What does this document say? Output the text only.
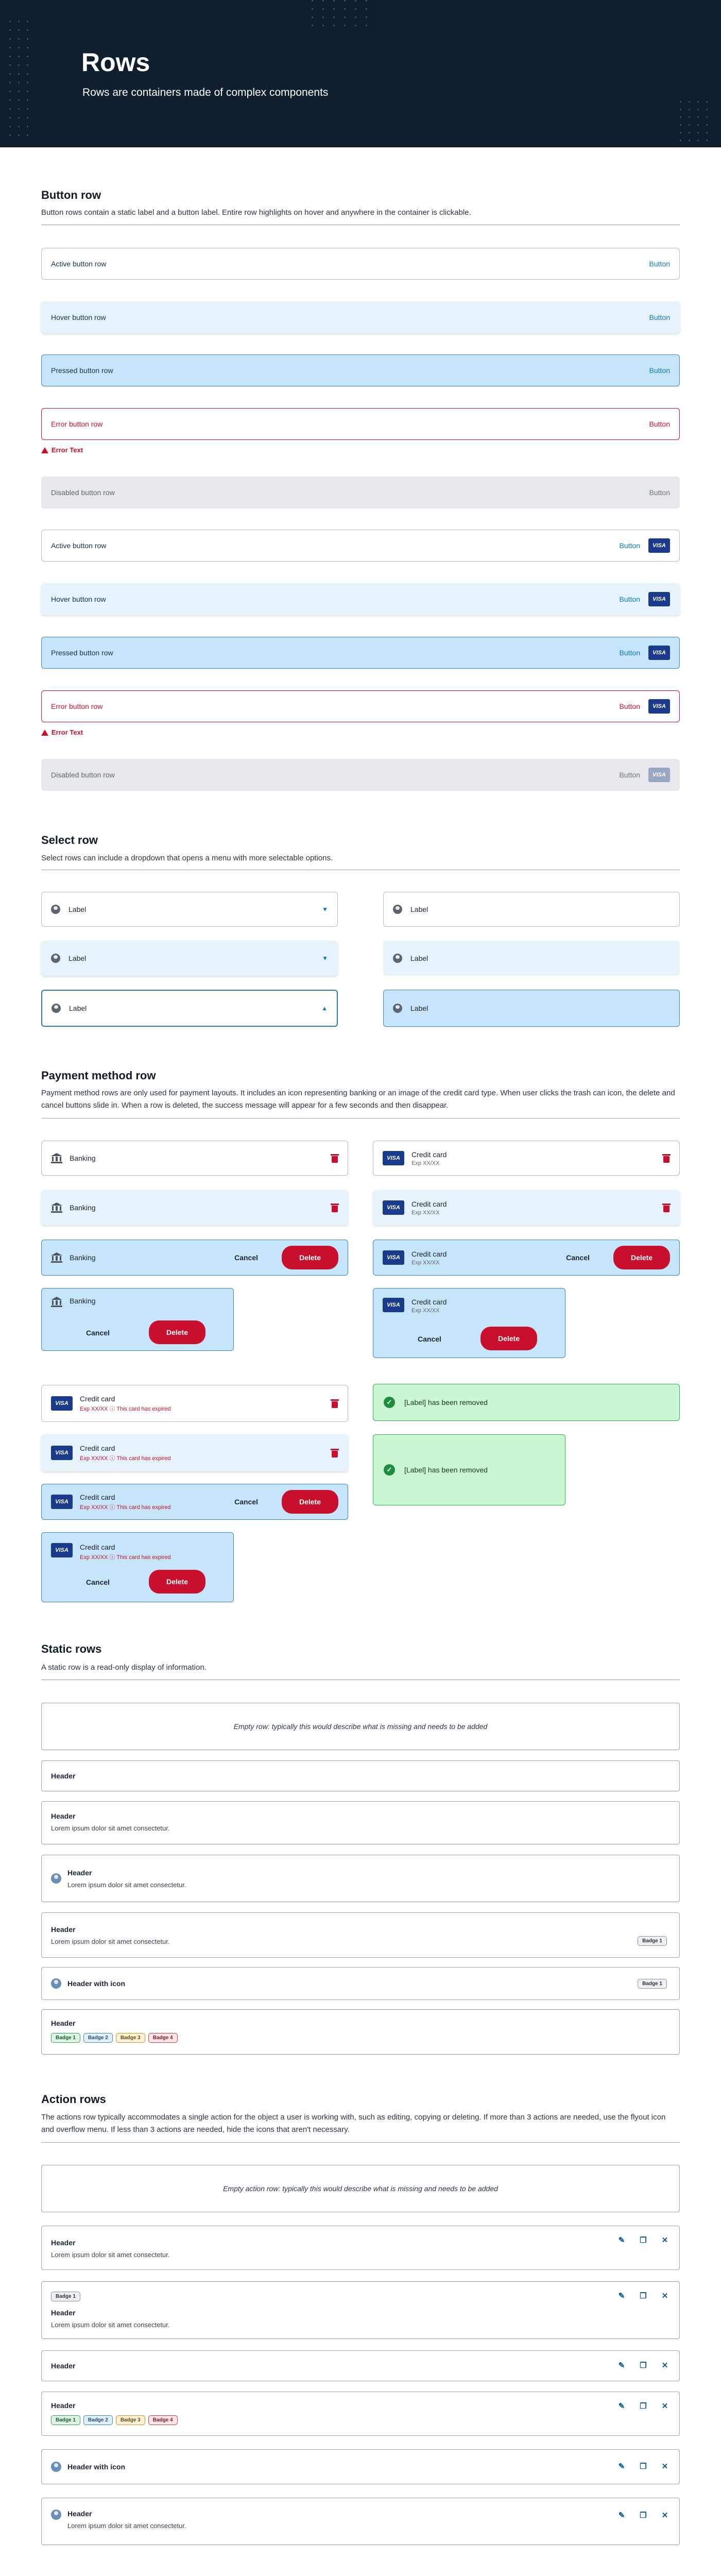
Rows

Rows are containers made of complex components

Button row
Button rows contain a static label and a button label. Entire row highlights on hover and anywhere in the container is clickable.
Active button row	Button
Hover button row	Button
Pressed button row	Button
Error button row	Button
Error Text
Disabled button row	Button
Active button row	Button	VISA
Hover button row	Button	VISA
Pressed button row	Button	VISA
Error button row	Button	VISA
Error Text
Disabled button row	Button	VISA
Select row
Select rows can include a dropdown that opens a menu with more selectable options.
Label	▼
Label	▼
Label	▲
Label
Label
Label
Payment method row
Payment method rows are only used for payment layouts. It includes an icon representing banking or an image of the credit card type. When user clicks the trash can icon, the delete and cancel buttons slide in. When a row is deleted, the success message will appear for a few seconds and then disappear.
Banking
Banking
Banking	Cancel	Delete
Banking
Cancel	Delete
VISA	Credit card
Exp XX/XX
VISA	Credit card
Exp XX/XX
VISA	Credit card
Exp XX/XX
Cancel	Delete
VISA	Credit card
Exp XX/XX
Cancel	Delete
VISA
Credit card
Exp XX/XX ⓘ This card has expired
VISA
Credit card
Exp XX/XX ⓘ This card has expired
VISA
Credit card
Exp XX/XX ⓘ This card has expired
Cancel	Delete
VISA	Credit card
Exp XX/XX ⓘ This card has expired
Cancel	Delete
✓	[Label] has been removed
✓	[Label] has been removed
Static rows
A static row is a read-only display of information.
Empty row: typically this would describe what is missing and needs to be added
Header
Header
Lorem ipsum dolor sit amet consectetur.
Header
Lorem ipsum dolor sit amet consectetur.
Header
Lorem ipsum dolor sit amet consectetur.	Badge 1
Header with icon	Badge 1
Header
Badge 1 Badge 2 Badge 3 Badge 4
Action rows
The actions row typically accommodates a single action for the object a user is working with, such as editing, copying or deleting. If more than 3 actions are needed, use the flyout icon and overflow menu. If less than 3 actions are needed, hide the icons that aren't necessary.
Empty action row: typically this would describe what is missing and needs to be added
Header
Lorem ipsum dolor sit amet consectetur.
✎ ❐ ✕
Badge 1
Header
Lorem ipsum dolor sit amet consectetur.
✎ ❐ ✕
Header	✎ ❐ ✕
Header
Badge 1 Badge 2 Badge 3 Badge 4
✎ ❐ ✕
Header with icon	✎ ❐ ✕
Header
Lorem ipsum dolor sit amet consectetur.
✎ ❐ ✕
